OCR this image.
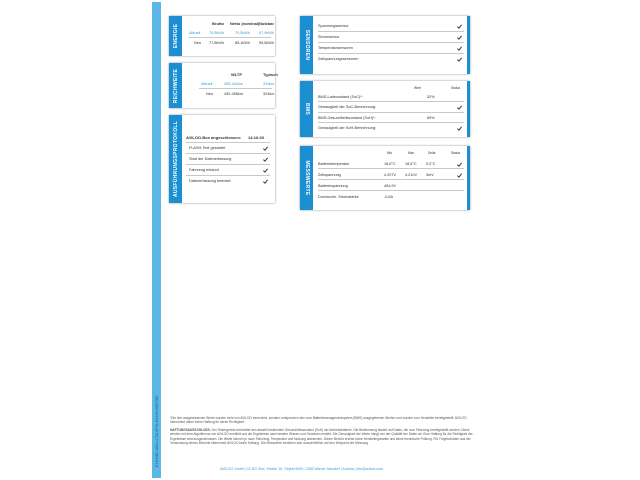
BYD/BBD-6834-4728-8F95-D94AF49DF5DE
ENERGIE
Brutto Netto (nominal) Nutzbar
Aktuell 75,5kWh	70,5kWh 67,9kWh
Neu 77,5kWh	85,1kWh 59,5kWh
REICHWEITE	WLTP	Typisch
Aktuell	405-441km	319km
Neu	430-456km	324km
AUSFÜHRUNGSPROTOKOLL AVILOO-Box angeschlossen: 14:16:03
FLASH-Test gestartet
Start der Datenerfassung
Fahrzeug erkannt
Datenerfassung beendet
SENSOREN
Spannungssensor
Stromsensor
Temperatursensoren
Zellspannungssensoren
BMS
Wert	Status
BMS-Ladezustand (SoC)*:	32%
Genauigkeit der SoC-Berechnung:
BMS-Gesundheitszustand (SoH)*:	89%
Genauigkeit der SoH-Berechnung:
MESSWERTE
Min	Max	Delta	Status
Batterietemperatur	18,6°C 18,6°C 0,0°C
Zellspannung	4,207V 4,210V 3mV
Batteriespannung	454,9V
Durchschn. Stromstärke	-0,6A
*Die hier ausgewiesenen Werte wurden nicht von AVILOO berechnet, sondern entsprechen den vom Batteriemanagementsystem (BMS) ausgegebenen Werten und wurden vom Hersteller bereitgestellt. AVILOO übernimmt daher keine Haftung für deren Richtigkeit.
HAFTUNGSAUSSCHLUSS: Der Testergebnis beinhaltet den aktuell bestimmten Gesundheitszustand (SoH) der Antriebsbatterie. Die Bestimmung basiert auf Daten, die vom Fahrzeug bereitgestellt wurden. Diese werden mit dem Algorithmus von AVILOO ermittelt und die Ergebnisse nach bestem Wissen und Gewissen erstellt. Die Genauigkeit der Werte hängt von der Qualität der Daten ab. Eine Haftung für die Richtigkeit der Ergebnisse wird ausgeschlossen. Die Werte können je nach Fahrzeug, Temperatur und Nutzung abweichen. Dieser Bericht ersetzt keine Herstellergarantie und keine technische Prüfung. Für Folgeschäden aus der Verwendung dieses Berichts übernimmt AVILOO keine Haftung. Die Messwerte beziehen sich ausschließlich auf den Zeitpunkt der Messung.
AVILOO GmbH | IZ NÖ Süd, Straße 16, Objekt 69/6 | 2355 Wiener Neudorf | Austria | info@aviloo.com
